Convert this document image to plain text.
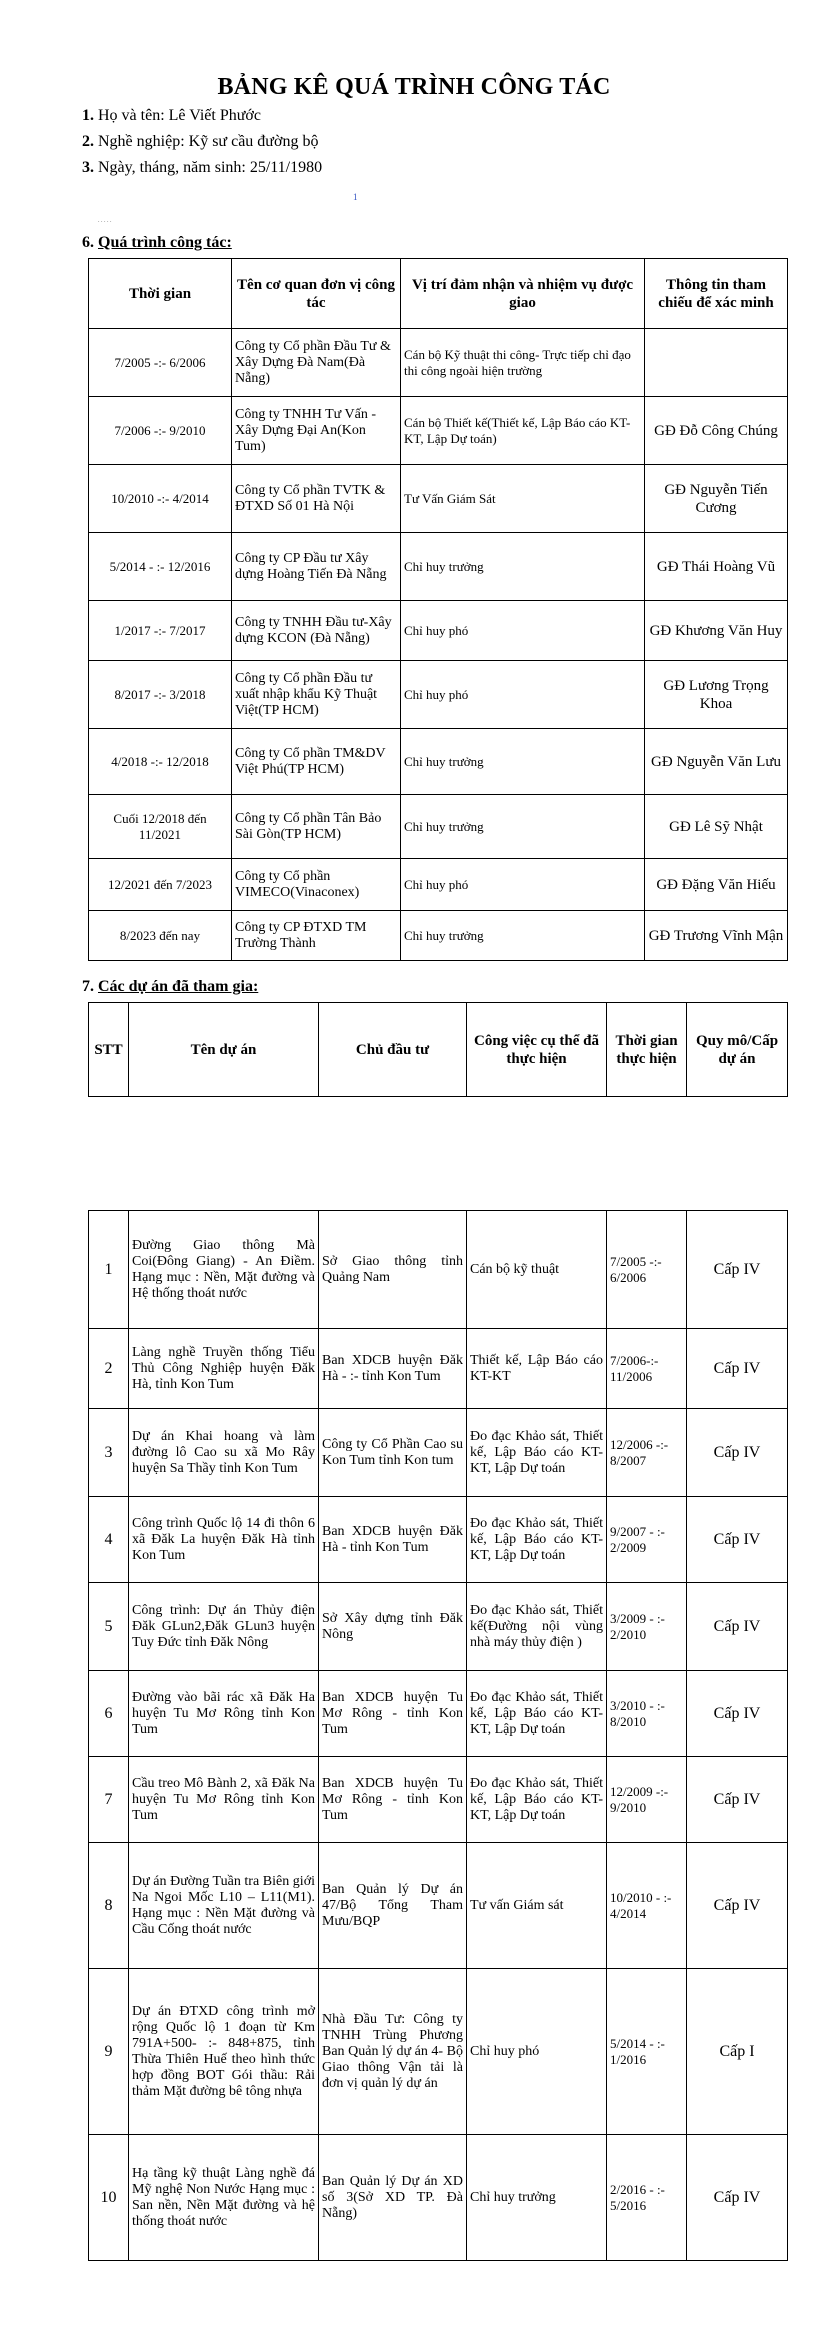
BẢNG KÊ QUÁ TRÌNH CÔNG TÁC
1. Họ và tên: Lê Viết Phước
2. Nghề nghiệp: Kỹ sư cầu đường bộ
3. Ngày, tháng, năm sinh: 25/11/1980
1
. . . . .
6. Quá trình công tác:
Thời gian	Tên cơ quan đơn vị công tác	Vị trí đảm nhận và nhiệm vụ được giao	Thông tin tham chiếu để xác minh
7/2005 -:- 6/2006	Công ty Cổ phần Đầu Tư & Xây Dựng Đà Nam(Đà Nẵng)	Cán bộ Kỹ thuật thi công- Trực tiếp chỉ đạo thi công ngoài hiện trường	
7/2006 -:- 9/2010	Công ty TNHH Tư Vấn - Xây Dựng Đại An(Kon Tum)	Cán bộ Thiết kế(Thiết kế, Lập Báo cáo KT-KT, Lập Dự toán)	GĐ Đỗ Công Chúng
10/2010 -:- 4/2014	Công ty Cổ phần TVTK & ĐTXD Số 01 Hà Nội	Tư Vấn Giám Sát	GĐ Nguyễn Tiến Cương
5/2014 - :- 12/2016	Công ty CP Đầu tư Xây dựng Hoàng Tiến Đà Nẵng	Chỉ huy trưởng	GĐ Thái Hoàng Vũ
1/2017 -:- 7/2017	Công ty TNHH Đầu tư-Xây dựng KCON (Đà Nẵng)	Chỉ huy phó	GĐ Khương Văn Huy
8/2017 -:- 3/2018	Công ty Cổ phần Đầu tư xuất nhập khẩu Kỹ Thuật Việt(TP HCM)	Chỉ huy phó	GĐ Lương Trọng Khoa
4/2018 -:- 12/2018	Công ty Cổ phần TM&DV Việt Phú(TP HCM)	Chỉ huy trưởng	GĐ Nguyễn Văn Lưu
Cuối 12/2018 đến 11/2021	Công ty Cổ phần Tân Bảo Sài Gòn(TP HCM)	Chỉ huy trưởng	GĐ Lê Sỹ Nhật
12/2021 đến 7/2023	Công ty Cổ phần VIMECO(Vinaconex)	Chỉ huy phó	GĐ Đặng Văn Hiếu
8/2023 đến nay	Công ty CP ĐTXD TM Trường Thành	Chỉ huy trưởng	GĐ Trương Vĩnh Mận
7. Các dự án đã tham gia:
STT	Tên dự án	Chủ đầu tư	Công việc cụ thể đã thực hiện	Thời gian thực hiện	Quy mô/Cấp dự án
1	Đường Giao thông Mà Coi(Đông Giang) - An Điềm. Hạng mục : Nền, Mặt đường và Hệ thống thoát nước	Sở Giao thông tỉnh Quảng Nam	Cán bộ kỹ thuật	7/2005 -:- 6/2006	Cấp IV
2	Làng nghề Truyền thống Tiểu Thủ Công Nghiệp huyện Đăk Hà, tỉnh Kon Tum	Ban XDCB huyện Đăk Hà - :- tỉnh Kon Tum	Thiết kế, Lập Báo cáo KT-KT	7/2006-:- 11/2006	Cấp IV
3	Dự án Khai hoang và làm đường lô Cao su xã Mo Rây huyện Sa Thầy tỉnh Kon Tum	Công ty Cổ Phần Cao su Kon Tum tỉnh Kon tum	Đo đạc Khảo sát, Thiết kế, Lập Báo cáo KT-KT, Lập Dự toán	12/2006 -:- 8/2007	Cấp IV
4	Công trình Quốc lộ 14 đi thôn 6 xã Đăk La huyện Đăk Hà tỉnh Kon Tum	Ban XDCB huyện Đăk Hà - tỉnh Kon Tum	Đo đạc Khảo sát, Thiết kế, Lập Báo cáo KT-KT, Lập Dự toán	9/2007 - :- 2/2009	Cấp IV
5	Công trình: Dự án Thủy điện Đăk GLun2,Đăk GLun3 huyện Tuy Đức tỉnh Đăk Nông	Sở Xây dựng tỉnh Đăk Nông	Đo đạc Khảo sát, Thiết kế(Đường nội vùng nhà máy thủy điện )	3/2009 - :- 2/2010	Cấp IV
6	Đường vào bãi rác xã Đăk Ha huyện Tu Mơ Rông tỉnh Kon Tum	Ban XDCB huyện Tu Mơ Rông - tỉnh Kon Tum	Đo đạc Khảo sát, Thiết kế, Lập Báo cáo KT-KT, Lập Dự toán	3/2010 - :- 8/2010	Cấp IV
7	Cầu treo Mô Bành 2, xã Đăk Na huyện Tu Mơ Rông tỉnh Kon Tum	Ban XDCB huyện Tu Mơ Rông - tỉnh Kon Tum	Đo đạc Khảo sát, Thiết kế, Lập Báo cáo KT-KT, Lập Dự toán	12/2009 -:- 9/2010	Cấp IV
8	Dự án Đường Tuần tra Biên giới Na Ngoi Mốc L10 – L11(M1). Hạng mục : Nền Mặt đường và Cầu Cống thoát nước	Ban Quản lý Dự án 47/Bộ Tổng Tham Mưu/BQP	Tư vấn Giám sát	10/2010 - :- 4/2014	Cấp IV
9	Dự án ĐTXD công trình mở rộng Quốc lộ 1 đoạn từ Km 791A+500- :- 848+875, tỉnh Thừa Thiên Huế theo hình thức hợp đồng BOT Gói thầu: Rải thảm Mặt đường bê tông nhựa	Nhà Đầu Tư: Công ty TNHH Trùng Phương Ban Quản lý dự án 4- Bộ Giao thông Vận tải là đơn vị quản lý dự án	Chỉ huy phó	5/2014 - :- 1/2016	Cấp I
10	Hạ tầng kỹ thuật Làng nghề đá Mỹ nghệ Non Nước Hạng mục : San nền, Nền Mặt đường và hệ thống thoát nước	Ban Quản lý Dự án XD số 3(Sở XD TP. Đà Nẵng)	Chỉ huy trưởng	2/2016 - :- 5/2016	Cấp IV
